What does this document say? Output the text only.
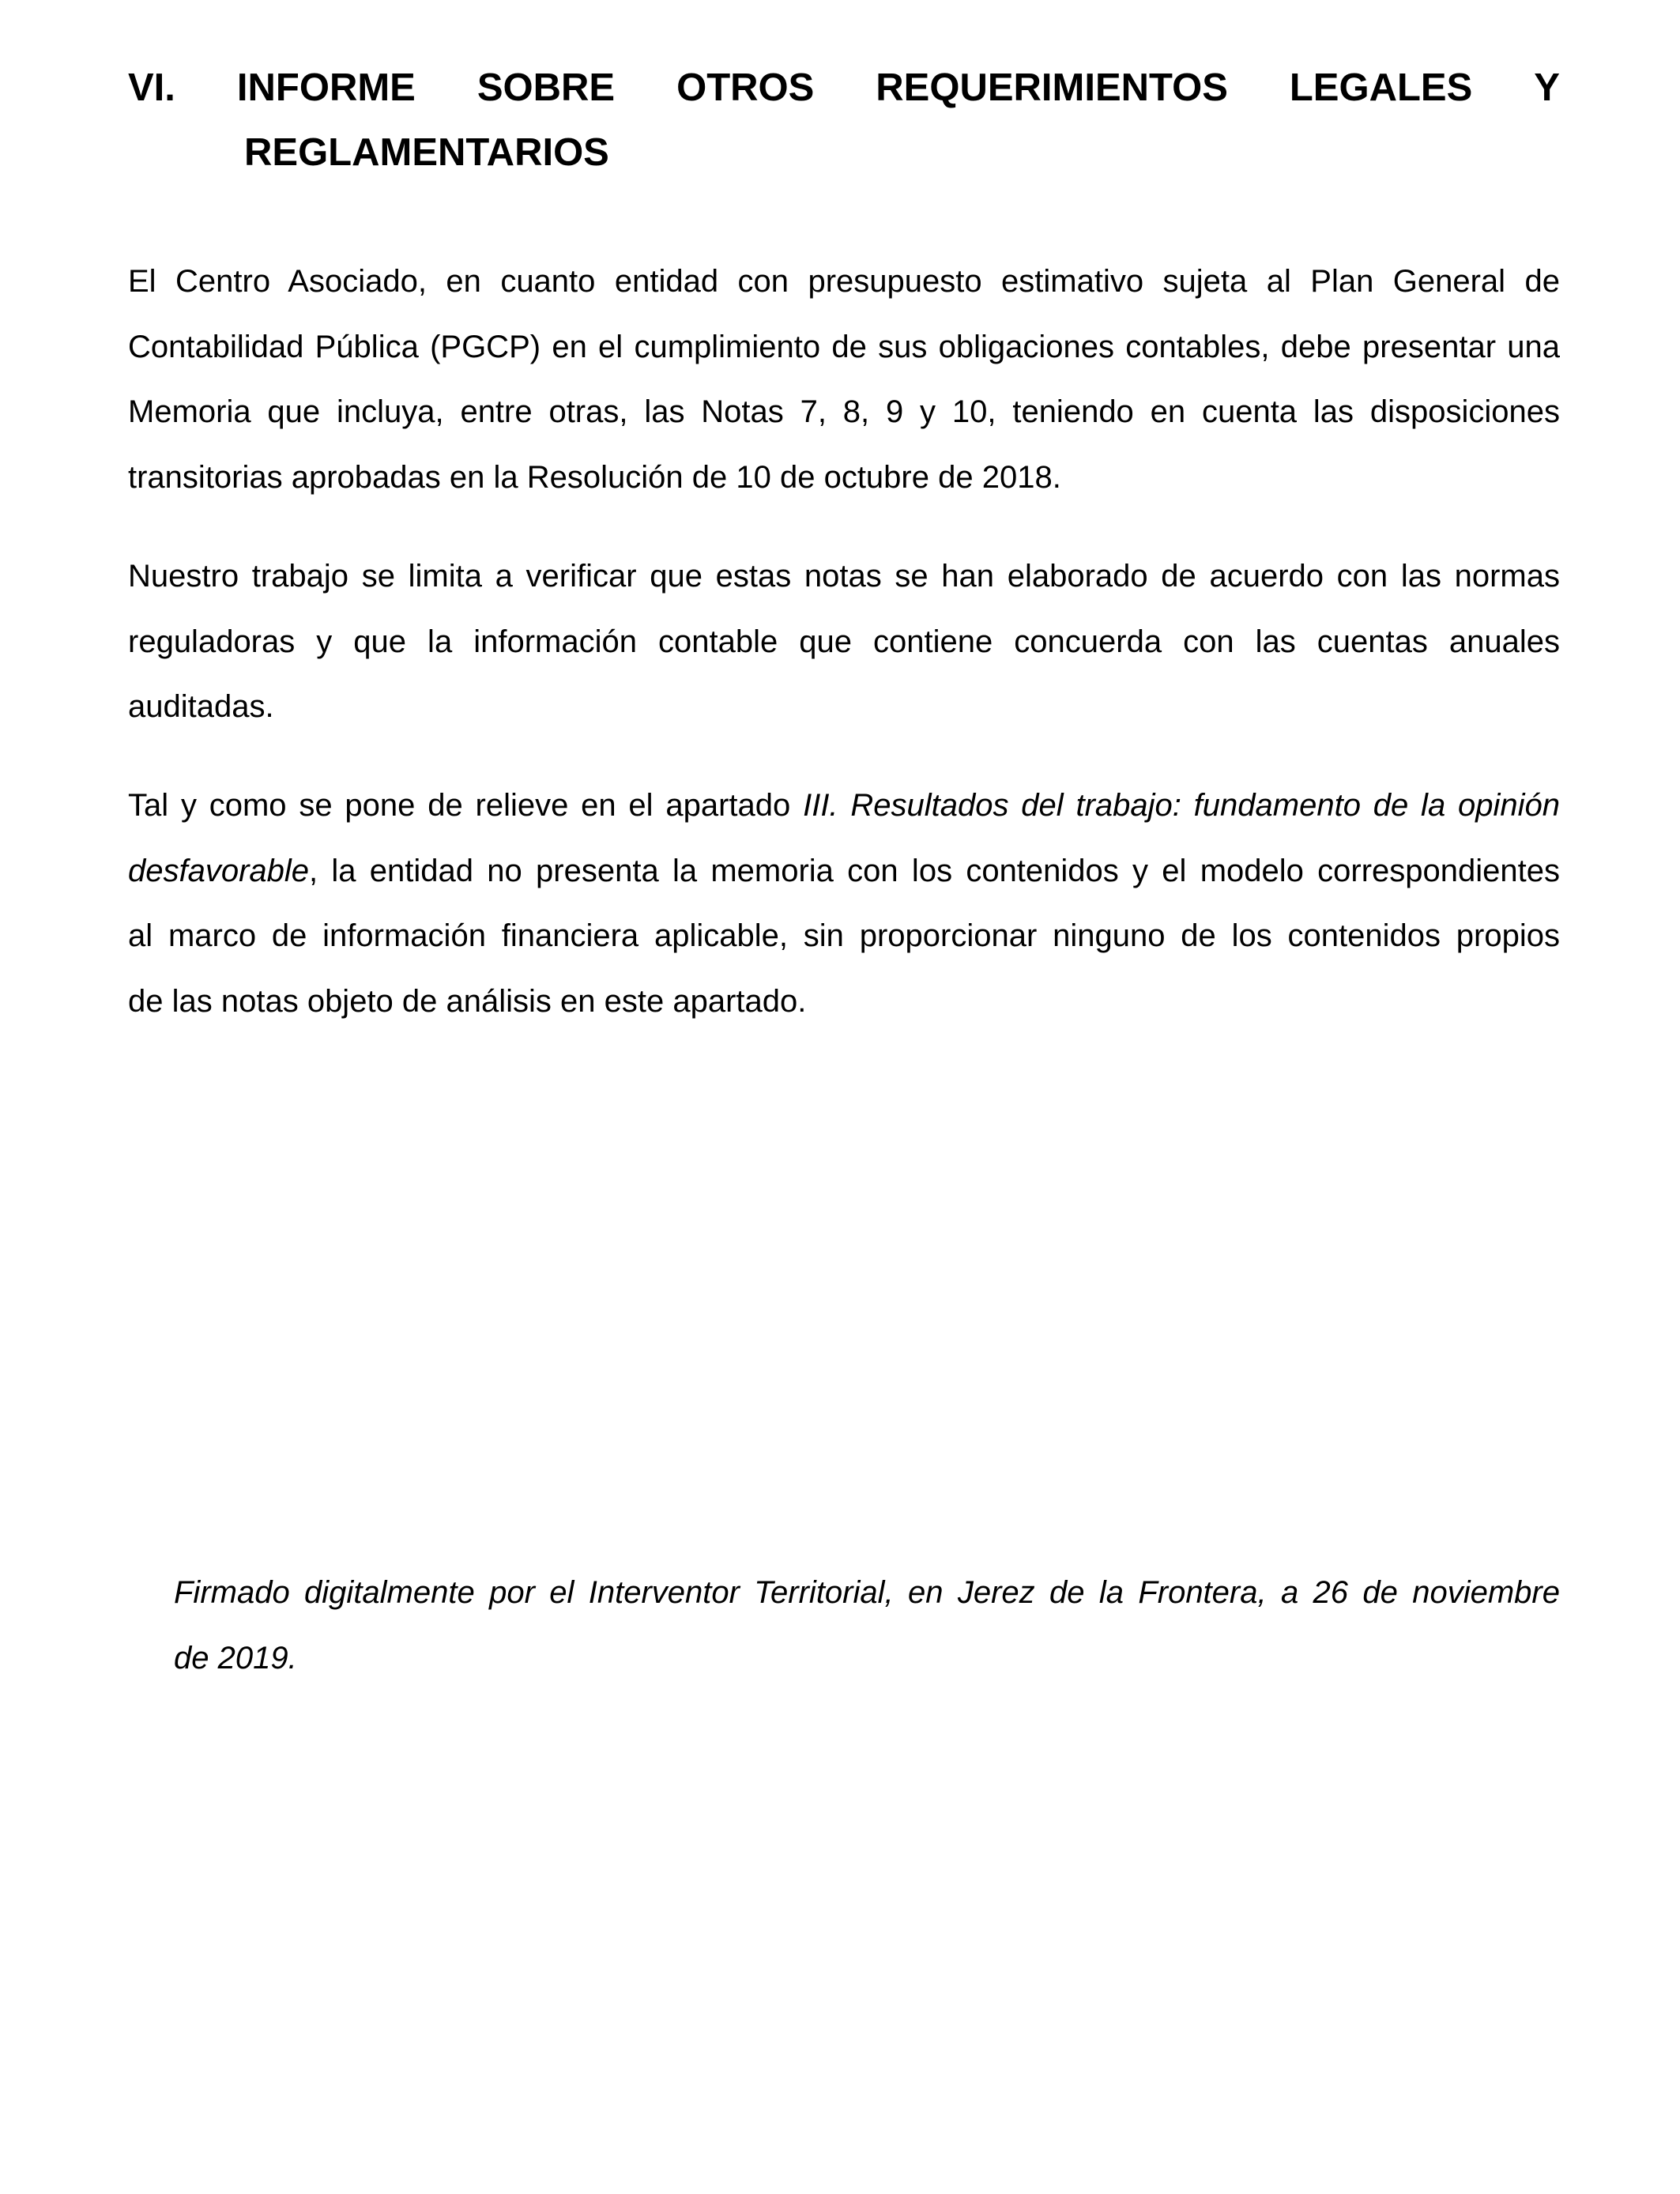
VI. INFORME SOBRE OTROS REQUERIMIENTOS LEGALES Y
REGLAMENTARIOS
El Centro Asociado, en cuanto entidad con presupuesto estimativo sujeta al Plan General de
Contabilidad Pública (PGCP) en el cumplimiento de sus obligaciones contables, debe presentar una
Memoria que incluya, entre otras, las Notas 7, 8, 9 y 10, teniendo en cuenta las disposiciones
transitorias aprobadas en la Resolución de 10 de octubre de 2018.
Nuestro trabajo se limita a verificar que estas notas se han elaborado de acuerdo con las normas
reguladoras y que la información contable que contiene concuerda con las cuentas anuales
auditadas.
Tal y como se pone de relieve en el apartado III. Resultados del trabajo: fundamento de la opinión
desfavorable, la entidad no presenta la memoria con los contenidos y el modelo correspondientes
al marco de información financiera aplicable, sin proporcionar ninguno de los contenidos propios
de las notas objeto de análisis en este apartado.
Firmado digitalmente por el Interventor Territorial, en Jerez de la Frontera, a 26 de noviembre
de 2019.
